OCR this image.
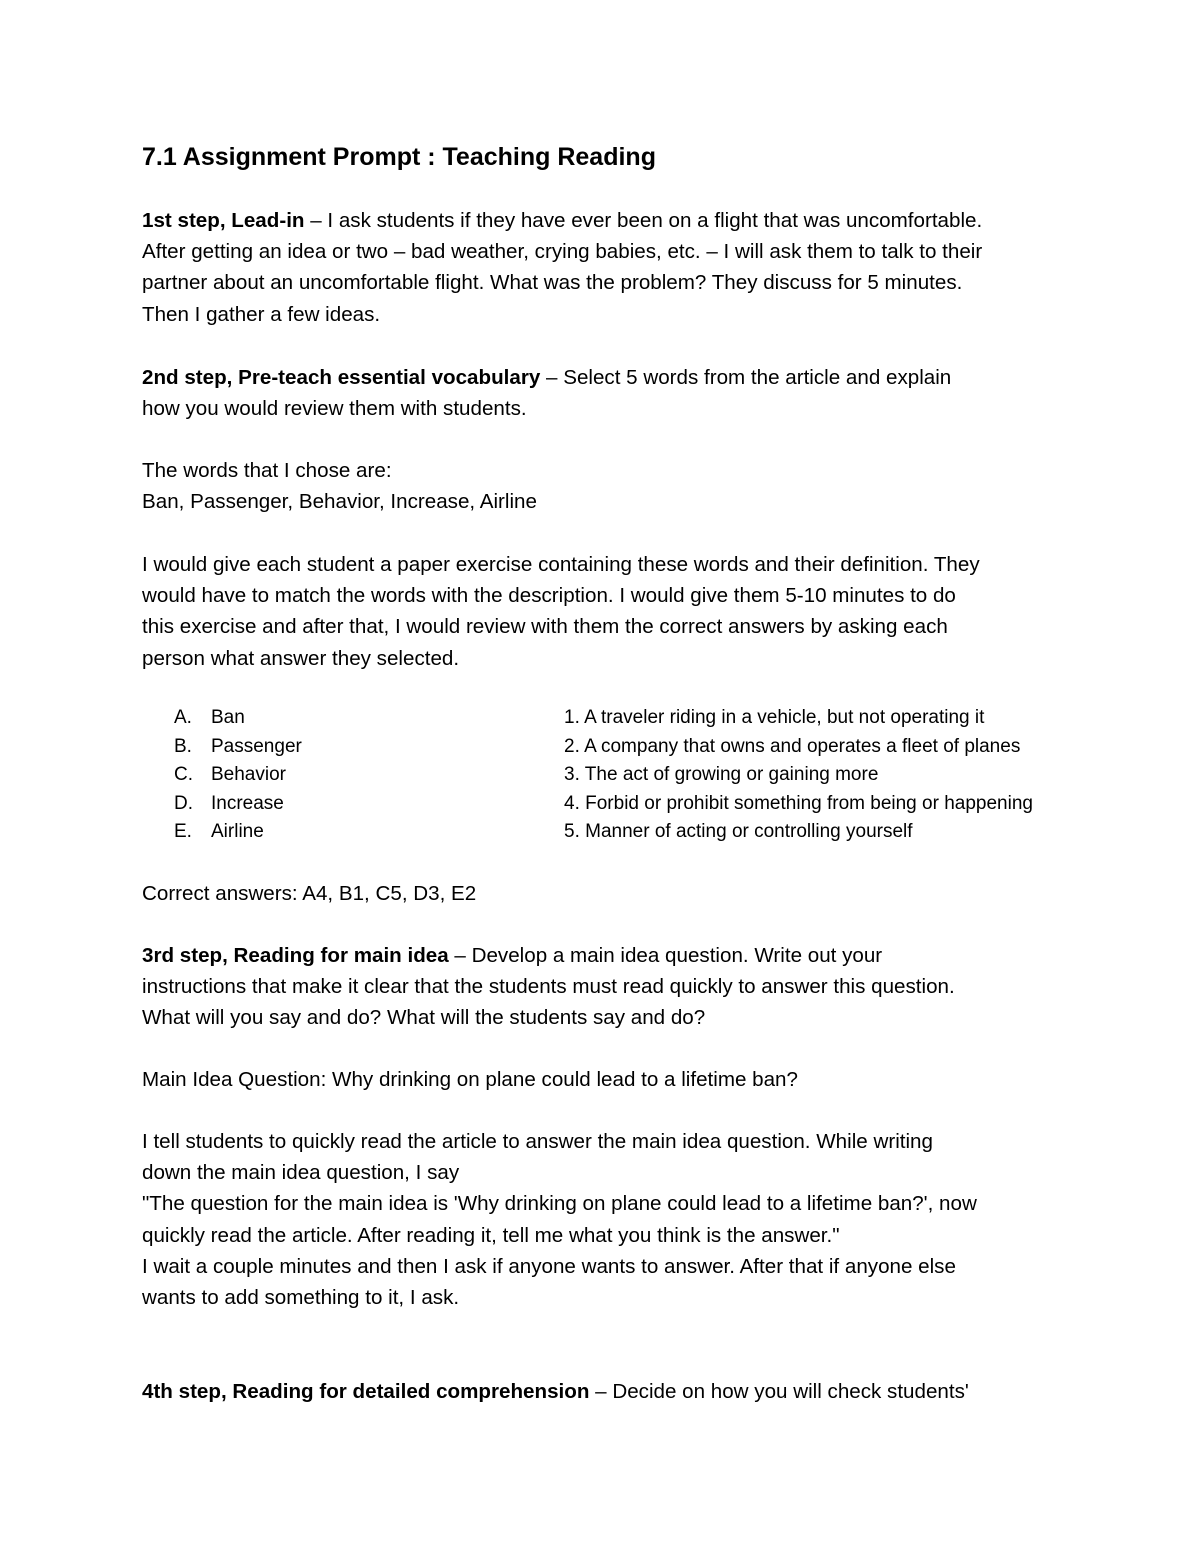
7.1 Assignment Prompt : Teaching Reading
1st step, Lead-in – I ask students if they have ever been on a flight that was uncomfortable.
After getting an idea or two – bad weather, crying babies, etc. – I will ask them to talk to their
partner about an uncomfortable flight. What was the problem? They discuss for 5 minutes.
Then I gather a few ideas.
2nd step, Pre-teach essential vocabulary – Select 5 words from the article and explain
how you would review them with students.
The words that I chose are:
Ban, Passenger, Behavior, Increase, Airline
I would give each student a paper exercise containing these words and their definition. They
would have to match the words with the description. I would give them 5-10 minutes to do
this exercise and after that, I would review with them the correct answers by asking each
person what answer they selected.
A. Ban
B. Passenger
C. Behavior
D. Increase
E. Airline
1. A traveler riding in a vehicle, but not operating it
2. A company that owns and operates a fleet of planes
3. The act of growing or gaining more
4. Forbid or prohibit something from being or happening
5. Manner of acting or controlling yourself
Correct answers: A4, B1, C5, D3, E2
3rd step, Reading for main idea – Develop a main idea question. Write out your
instructions that make it clear that the students must read quickly to answer this question.
What will you say and do? What will the students say and do?
Main Idea Question: Why drinking on plane could lead to a lifetime ban?
I tell students to quickly read the article to answer the main idea question. While writing
down the main idea question, I say
"The question for the main idea is 'Why drinking on plane could lead to a lifetime ban?', now
quickly read the article. After reading it, tell me what you think is the answer."
I wait a couple minutes and then I ask if anyone wants to answer. After that if anyone else
wants to add something to it, I ask.
4th step, Reading for detailed comprehension – Decide on how you will check students'
